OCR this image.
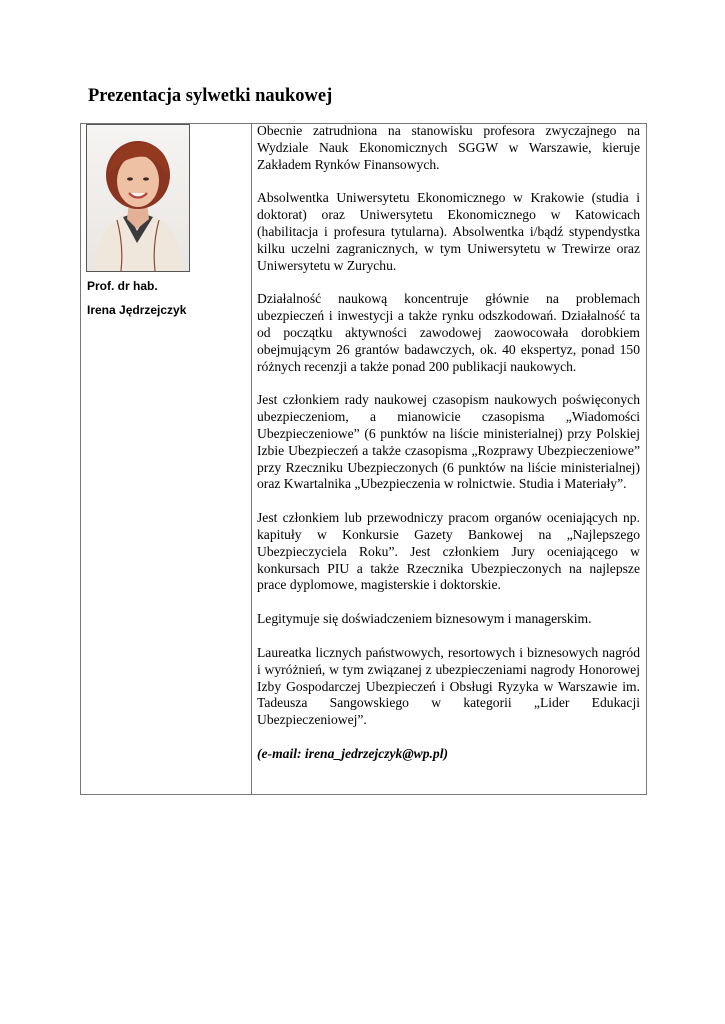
Prezentacja sylwetki naukowej

Prof. dr hab.

Irena Jędrzejczyk

Obecnie zatrudniona na stanowisku profesora zwyczajnego na Wydziale Nauk Ekonomicznych SGGW w Warszawie, kieruje Zakładem Rynków Finansowych.

Absolwentka Uniwersytetu Ekonomicznego w Krakowie (studia i doktorat) oraz Uniwersytetu Ekonomicznego w Katowicach (habilitacja i profesura tytularna). Absolwentka i/bądź stypendystka kilku uczelni zagranicznych, w tym Uniwersytetu w Trewirze oraz Uniwersytetu w Zurychu.

Działalność naukową koncentruje głównie na problemach ubezpieczeń i inwestycji a także rynku odszkodowań. Działalność ta od początku aktywności zawodowej zaowocowała dorobkiem obejmującym 26 grantów badawczych, ok. 40 ekspertyz, ponad 150 różnych recenzji a także ponad 200 publikacji naukowych.

Jest członkiem rady naukowej czasopism naukowych poświęconych ubezpieczeniom, a mianowicie czasopisma „Wiadomości Ubezpieczeniowe” (6 punktów na liście ministerialnej) przy Polskiej Izbie Ubezpieczeń a także czasopisma „Rozprawy Ubezpieczeniowe” przy Rzeczniku Ubezpieczonych (6 punktów na liście ministerialnej) oraz Kwartalnika „Ubezpieczenia w rolnictwie. Studia i Materiały”.

Jest członkiem lub przewodniczy pracom organów oceniających np. kapituły w Konkursie Gazety Bankowej na „Najlepszego Ubezpieczyciela Roku”. Jest członkiem Jury oceniającego w konkursach PIU a także Rzecznika Ubezpieczonych na najlepsze prace dyplomowe, magisterskie i doktorskie.

Legitymuje się doświadczeniem biznesowym i managerskim.

Laureatka licznych państwowych, resortowych i biznesowych nagród i wyróżnień, w tym związanej z ubezpieczeniami nagrody Honorowej Izby Gospodarczej Ubezpieczeń i Obsługi Ryzyka w Warszawie im. Tadeusza Sangowskiego w kategorii „Lider Edukacji Ubezpieczeniowej”.

(e-mail: irena_jedrzejczyk@wp.pl)
